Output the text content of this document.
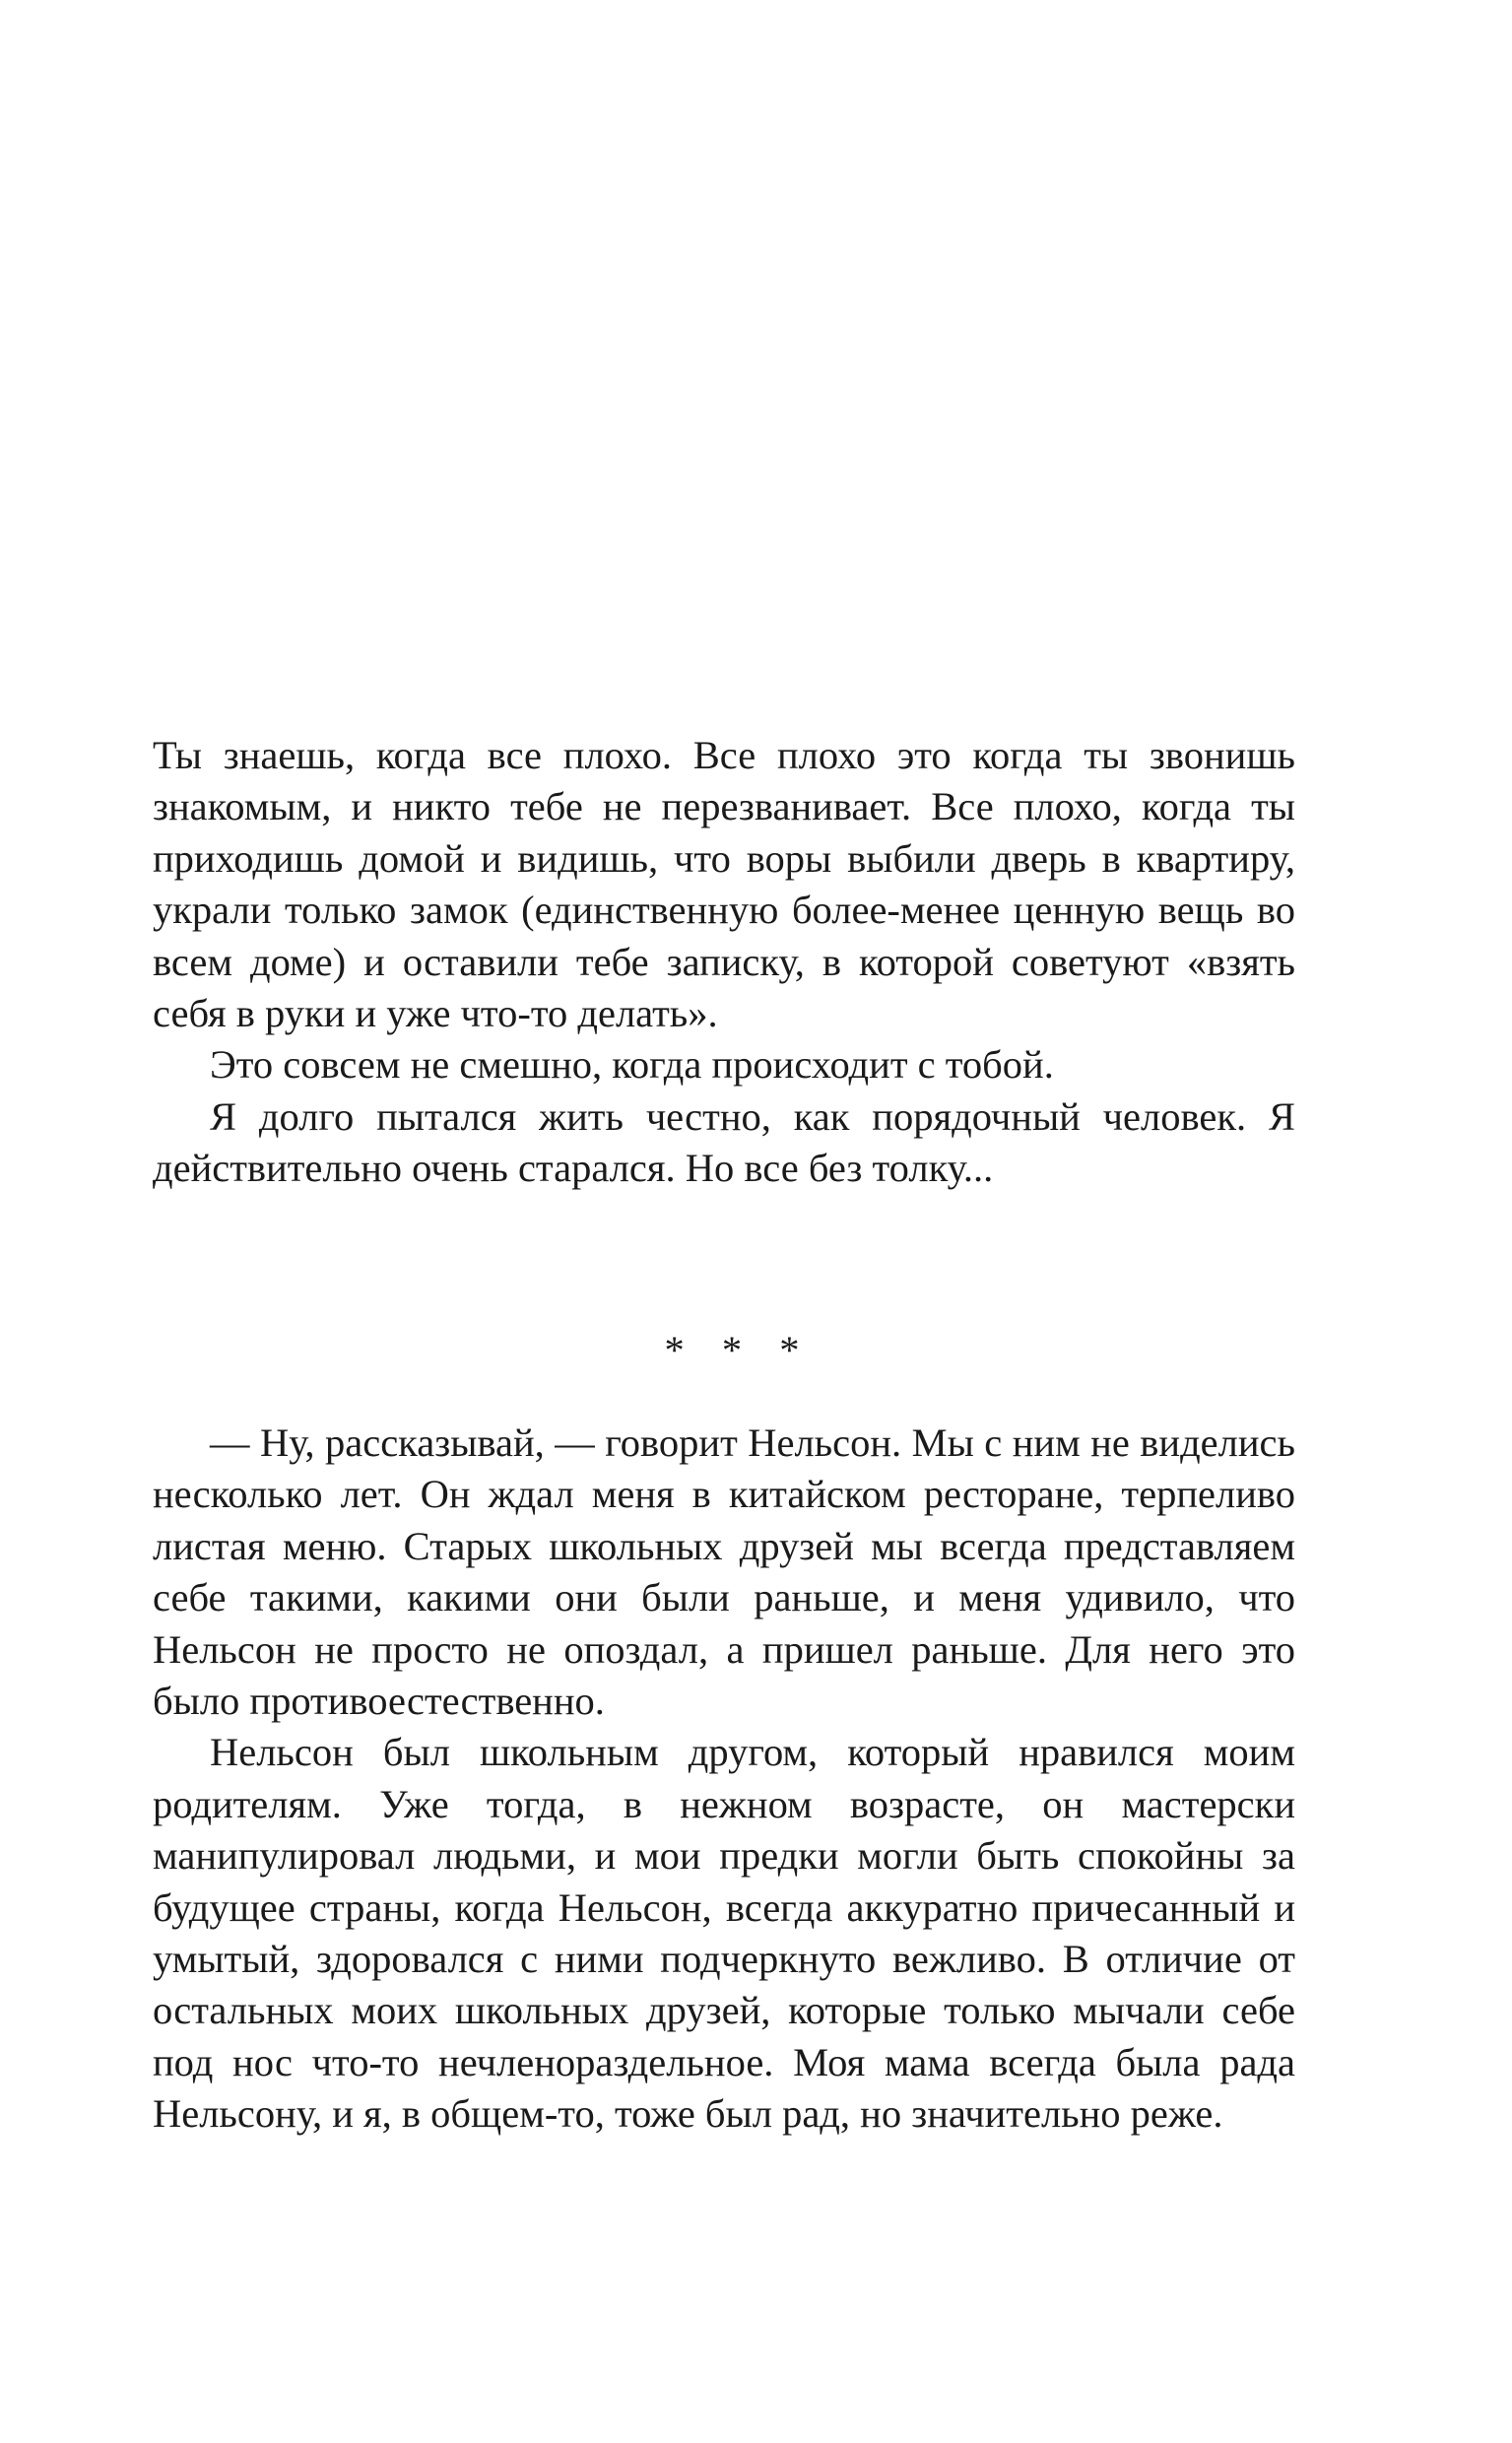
Ты знаешь, когда все плохо. Все плохо это когда ты звонишь знакомым, и никто тебе не перезванивает. Все плохо, когда ты приходишь домой и видишь, что воры выбили дверь в квартиру, украли только замок (единственную более-менее ценную вещь во всем доме) и оставили тебе записку, в которой советуют «взять себя в руки и уже что-то делать».

Это совсем не смешно, когда происходит с тобой.

Я долго пытался жить честно, как порядочный человек. Я действительно очень старался. Но все без толку...

* * *

— Ну, рассказывай, — говорит Нельсон. Мы с ним не виделись несколько лет. Он ждал меня в китайском ресторане, терпеливо листая меню. Старых школьных друзей мы всегда представляем себе такими, какими они были раньше, и меня удивило, что Нельсон не просто не опоздал, а пришел раньше. Для него это было противоестественно.

Нельсон был школьным другом, который нравился моим родителям. Уже тогда, в нежном возрасте, он мастерски манипулировал людьми, и мои предки могли быть спокойны за будущее страны, когда Нельсон, всегда аккуратно причесанный и умытый, здоровался с ними подчеркнуто вежливо. В отличие от остальных моих школьных друзей, которые только мычали себе под нос что-то нечленораздельное. Моя мама всегда была рада Нельсону, и я, в общем-то, тоже был рад, но значительно реже.
